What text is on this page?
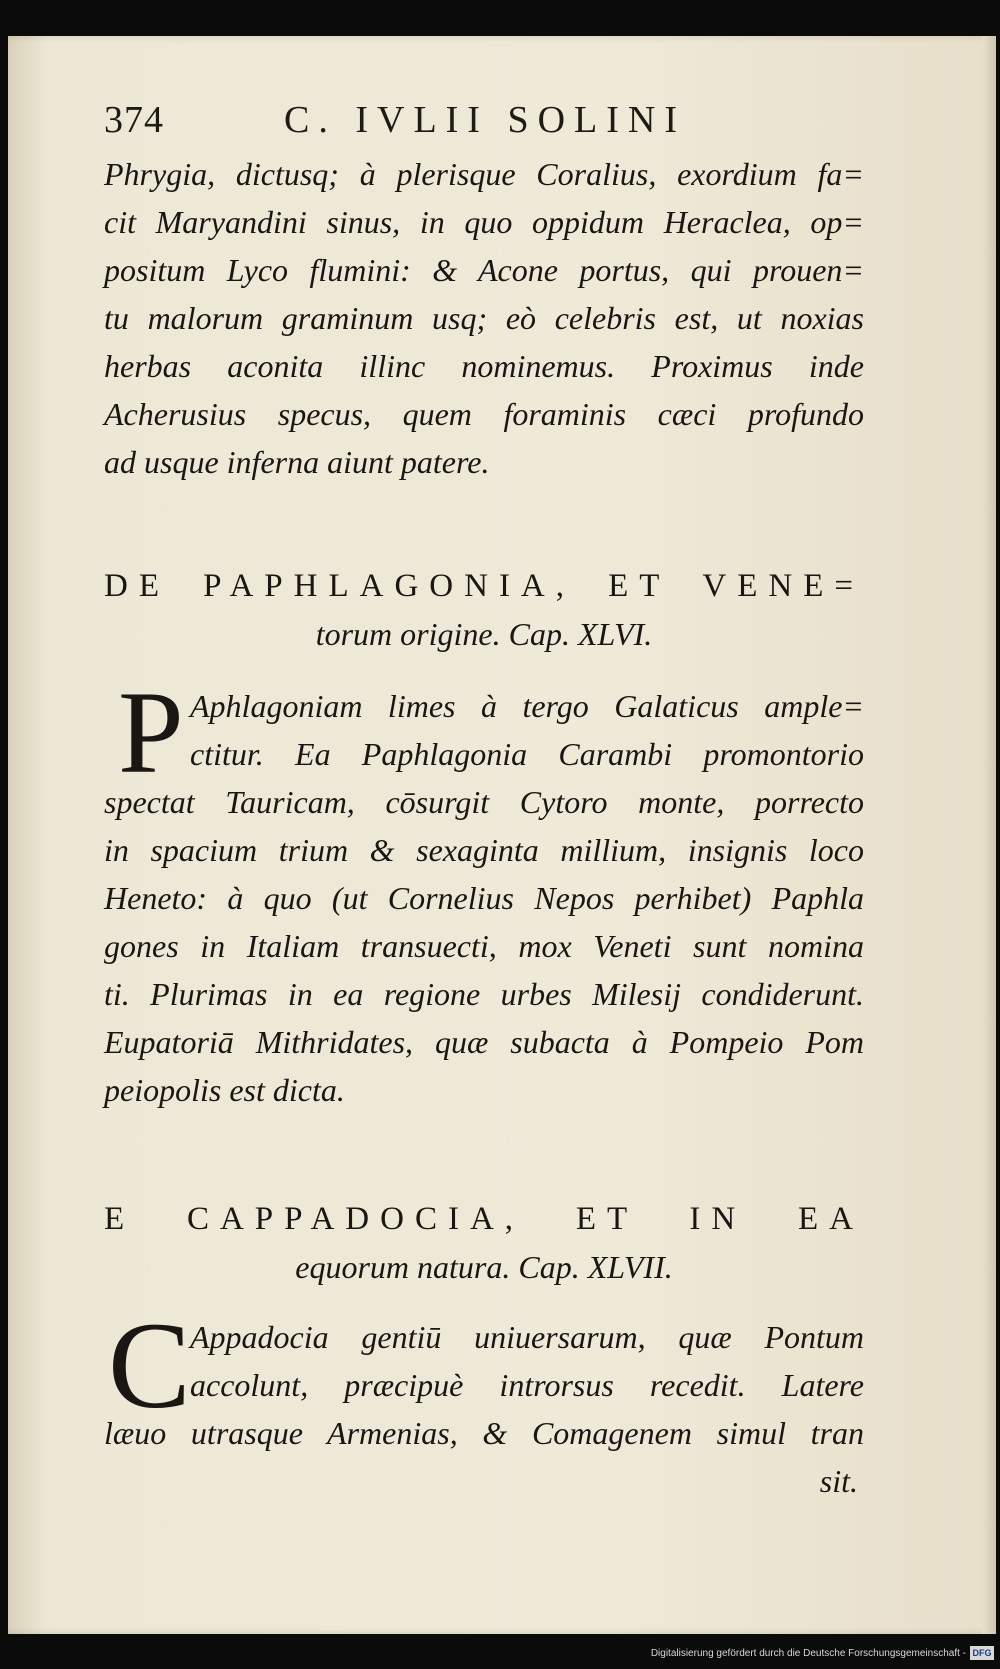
374	C. IVLII SOLINI
Phrygia, dictusq; à plerisque Coralius, exordium fa=
cit Maryandini sinus, in quo oppidum Heraclea, op=
positum Lyco flumini: & Acone portus, qui prouen=
tu malorum graminum usq; eò celebris est, ut noxias
herbas aconita illinc nominemus. Proximus inde
Acherusius specus, quem foraminis cæci profundo
ad usque inferna aiunt patere.
DE PAPHLAGONIA, ET VENE=
torum origine. Cap. XLVI.
P Aphlagoniam limes à tergo Galaticus ample=
ctitur. Ea Paphlagonia Carambi promontorio
spectat Tauricam, cōsurgit Cytoro monte, porrecto
in spacium trium & sexaginta millium, insignis loco
Heneto: à quo (ut Cornelius Nepos perhibet) Paphla
gones in Italiam transuecti, mox Veneti sunt nomina
ti. Plurimas in ea regione urbes Milesij condiderunt.
Eupatoriā Mithridates, quæ subacta à Pompeio Pom
peiopolis est dicta.
E CAPPADOCIA, ET IN EA
equorum natura. Cap. XLVII.
C Appadocia gentiū uniuersarum, quæ Pontum
accolunt, præcipuè introrsus recedit. Latere
læuo utrasque Armenias, & Comagenem simul tran
sit.
Digitalisierung gefördert durch die Deutsche Forschungsgemeinschaft - DFG
